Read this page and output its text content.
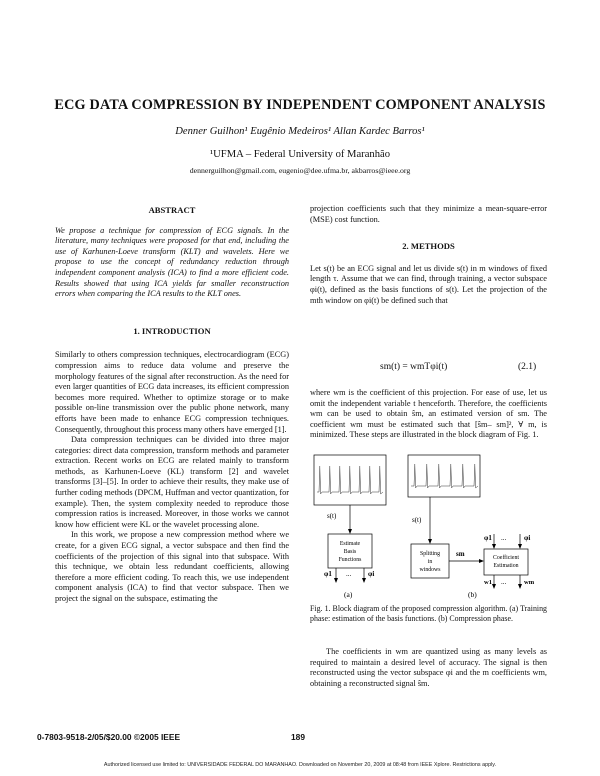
ECG DATA COMPRESSION BY INDEPENDENT COMPONENT ANALYSIS
Denner Guilhon¹ Eugênio Medeiros¹ Allan Kardec Barros¹
¹UFMA – Federal University of Maranhão
dennerguilhon@gmail.com, eugenio@dee.ufma.br, akbarros@ieee.org

ABSTRACT

We propose a technique for compression of ECG signals. In the literature, many techniques were proposed for that end, including the use of Karhunen-Loeve transform (KLT) and wavelets. Here we propose to use the concept of redundancy reduction through independent component analysis (ICA) to find a more efficient code. Results showed that using ICA yields far smaller reconstruction errors when comparing the ICA results to the KLT ones.

1. INTRODUCTION

Similarly to others compression techniques, electrocardiogram (ECG) compression aims to reduce data volume and preserve the morphology features of the signal after reconstruction. As the need for even larger quantities of ECG data increases, its efficient compression becomes more required. Whether to optimize storage or to make possible on-line transmission over the public phone network, many efforts have been made to enhance ECG compression techniques. Consequently, throughout this process many others have emerged [1].

Data compression techniques can be divided into three major categories: direct data compression, transform methods and parameter extraction. Recent works on ECG are related mainly to transform methods, as Karhunen-Loeve (KL) transform [2] and wavelet transforms [3]–[5]. In order to achieve their results, they make use of further coding methods (DPCM, Huffman and vector quantization, for example). Then, the system complexity needed to reproduce those compression ratios is increased. Moreover, in those works we cannot know how efficient were KL or the wavelet processing alone.

In this work, we propose a new compression method where we create, for a given ECG signal, a vector subspace and then find the coefficients of the projection of this signal into that subspace. With this technique, we obtain less redundant coefficients, allowing therefore a more efficient coding. To reach this, we use independent component analysis (ICA) to find that vector subspace. Then we project the signal on the subspace, estimating the

projection coefficients such that they minimize a mean-square-error (MSE) cost function.

2. METHODS

Let s(t) be an ECG signal and let us divide s(t) in m windows of fixed length τ. Assume that we can find, through training, a vector subspace φi(t), defined as the basis functions of s(t). Let the projection of the mth window on φi(t) be defined such that

sm(t) = wmTφi(t)	(2.1)

where wm is the coefficient of this projection. For ease of use, let us omit the independent variable t henceforth. Therefore, the coefficients wm can be used to obtain ŝm, an estimated version of sm. The coefficient wm must be estimated such that [ŝm– sm]², ∀ m, is minimized. These steps are illustrated in the block diagram of Fig. 1.

s(t)
Estimate
Basis
Functions
φ1 ... φi
(a)
s(t)
Splitting
in
windows
sm	Coefficient
Estimation
φ1 ...	φi
w1 ...	wm
(b)
Fig. 1. Block diagram of the proposed compression algorithm. (a) Training phase: estimation of the basis functions. (b) Compression phase.
The coefficients in wm are quantized using as many levels as required to maintain a desired level of accuracy. The signal is then reconstructed using the vector subspace φi and the m coefficients wm, obtaining a reconstructed signal ŝm.
0-7803-9518-2/05/$20.00 ©2005 IEEE	189
Authorized licensed use limited to: UNIVERSIDADE FEDERAL DO MARANHAO. Downloaded on November 20, 2009 at 08:48 from IEEE Xplore. Restrictions apply.
